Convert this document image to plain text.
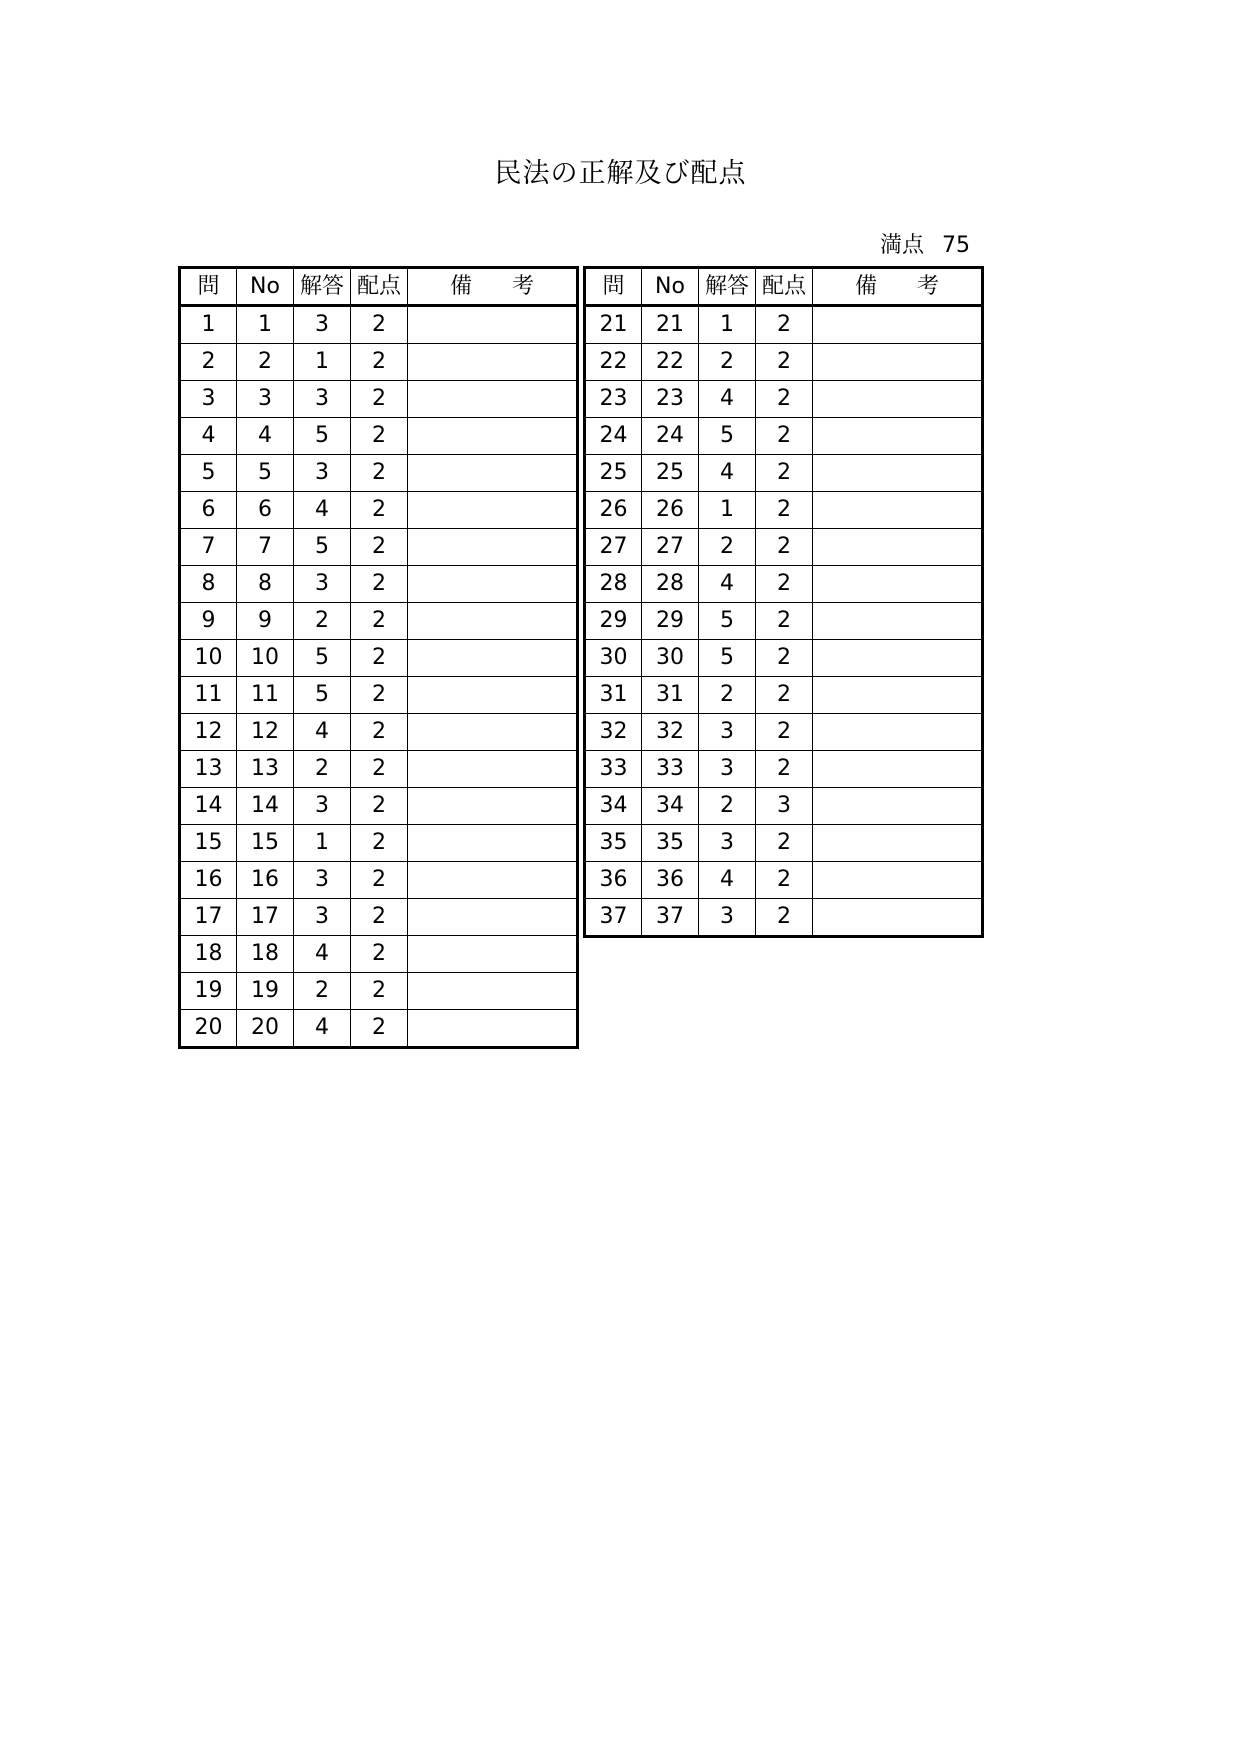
民法の正解及び配点
満点 75
問	No	解答	配点	備 考
1	1	3	2	
2	2	1	2	
3	3	3	2	
4	4	5	2	
5	5	3	2	
6	6	4	2	
7	7	5	2	
8	8	3	2	
9	9	2	2	
10	10	5	2	
11	11	5	2	
12	12	4	2	
13	13	2	2	
14	14	3	2	
15	15	1	2	
16	16	3	2	
17	17	3	2	
18	18	4	2	
19	19	2	2	
20	20	4	2	
問	No	解答	配点	備 考
21	21	1	2	
22	22	2	2	
23	23	4	2	
24	24	5	2	
25	25	4	2	
26	26	1	2	
27	27	2	2	
28	28	4	2	
29	29	5	2	
30	30	5	2	
31	31	2	2	
32	32	3	2	
33	33	3	2	
34	34	2	3	
35	35	3	2	
36	36	4	2	
37	37	3	2	
